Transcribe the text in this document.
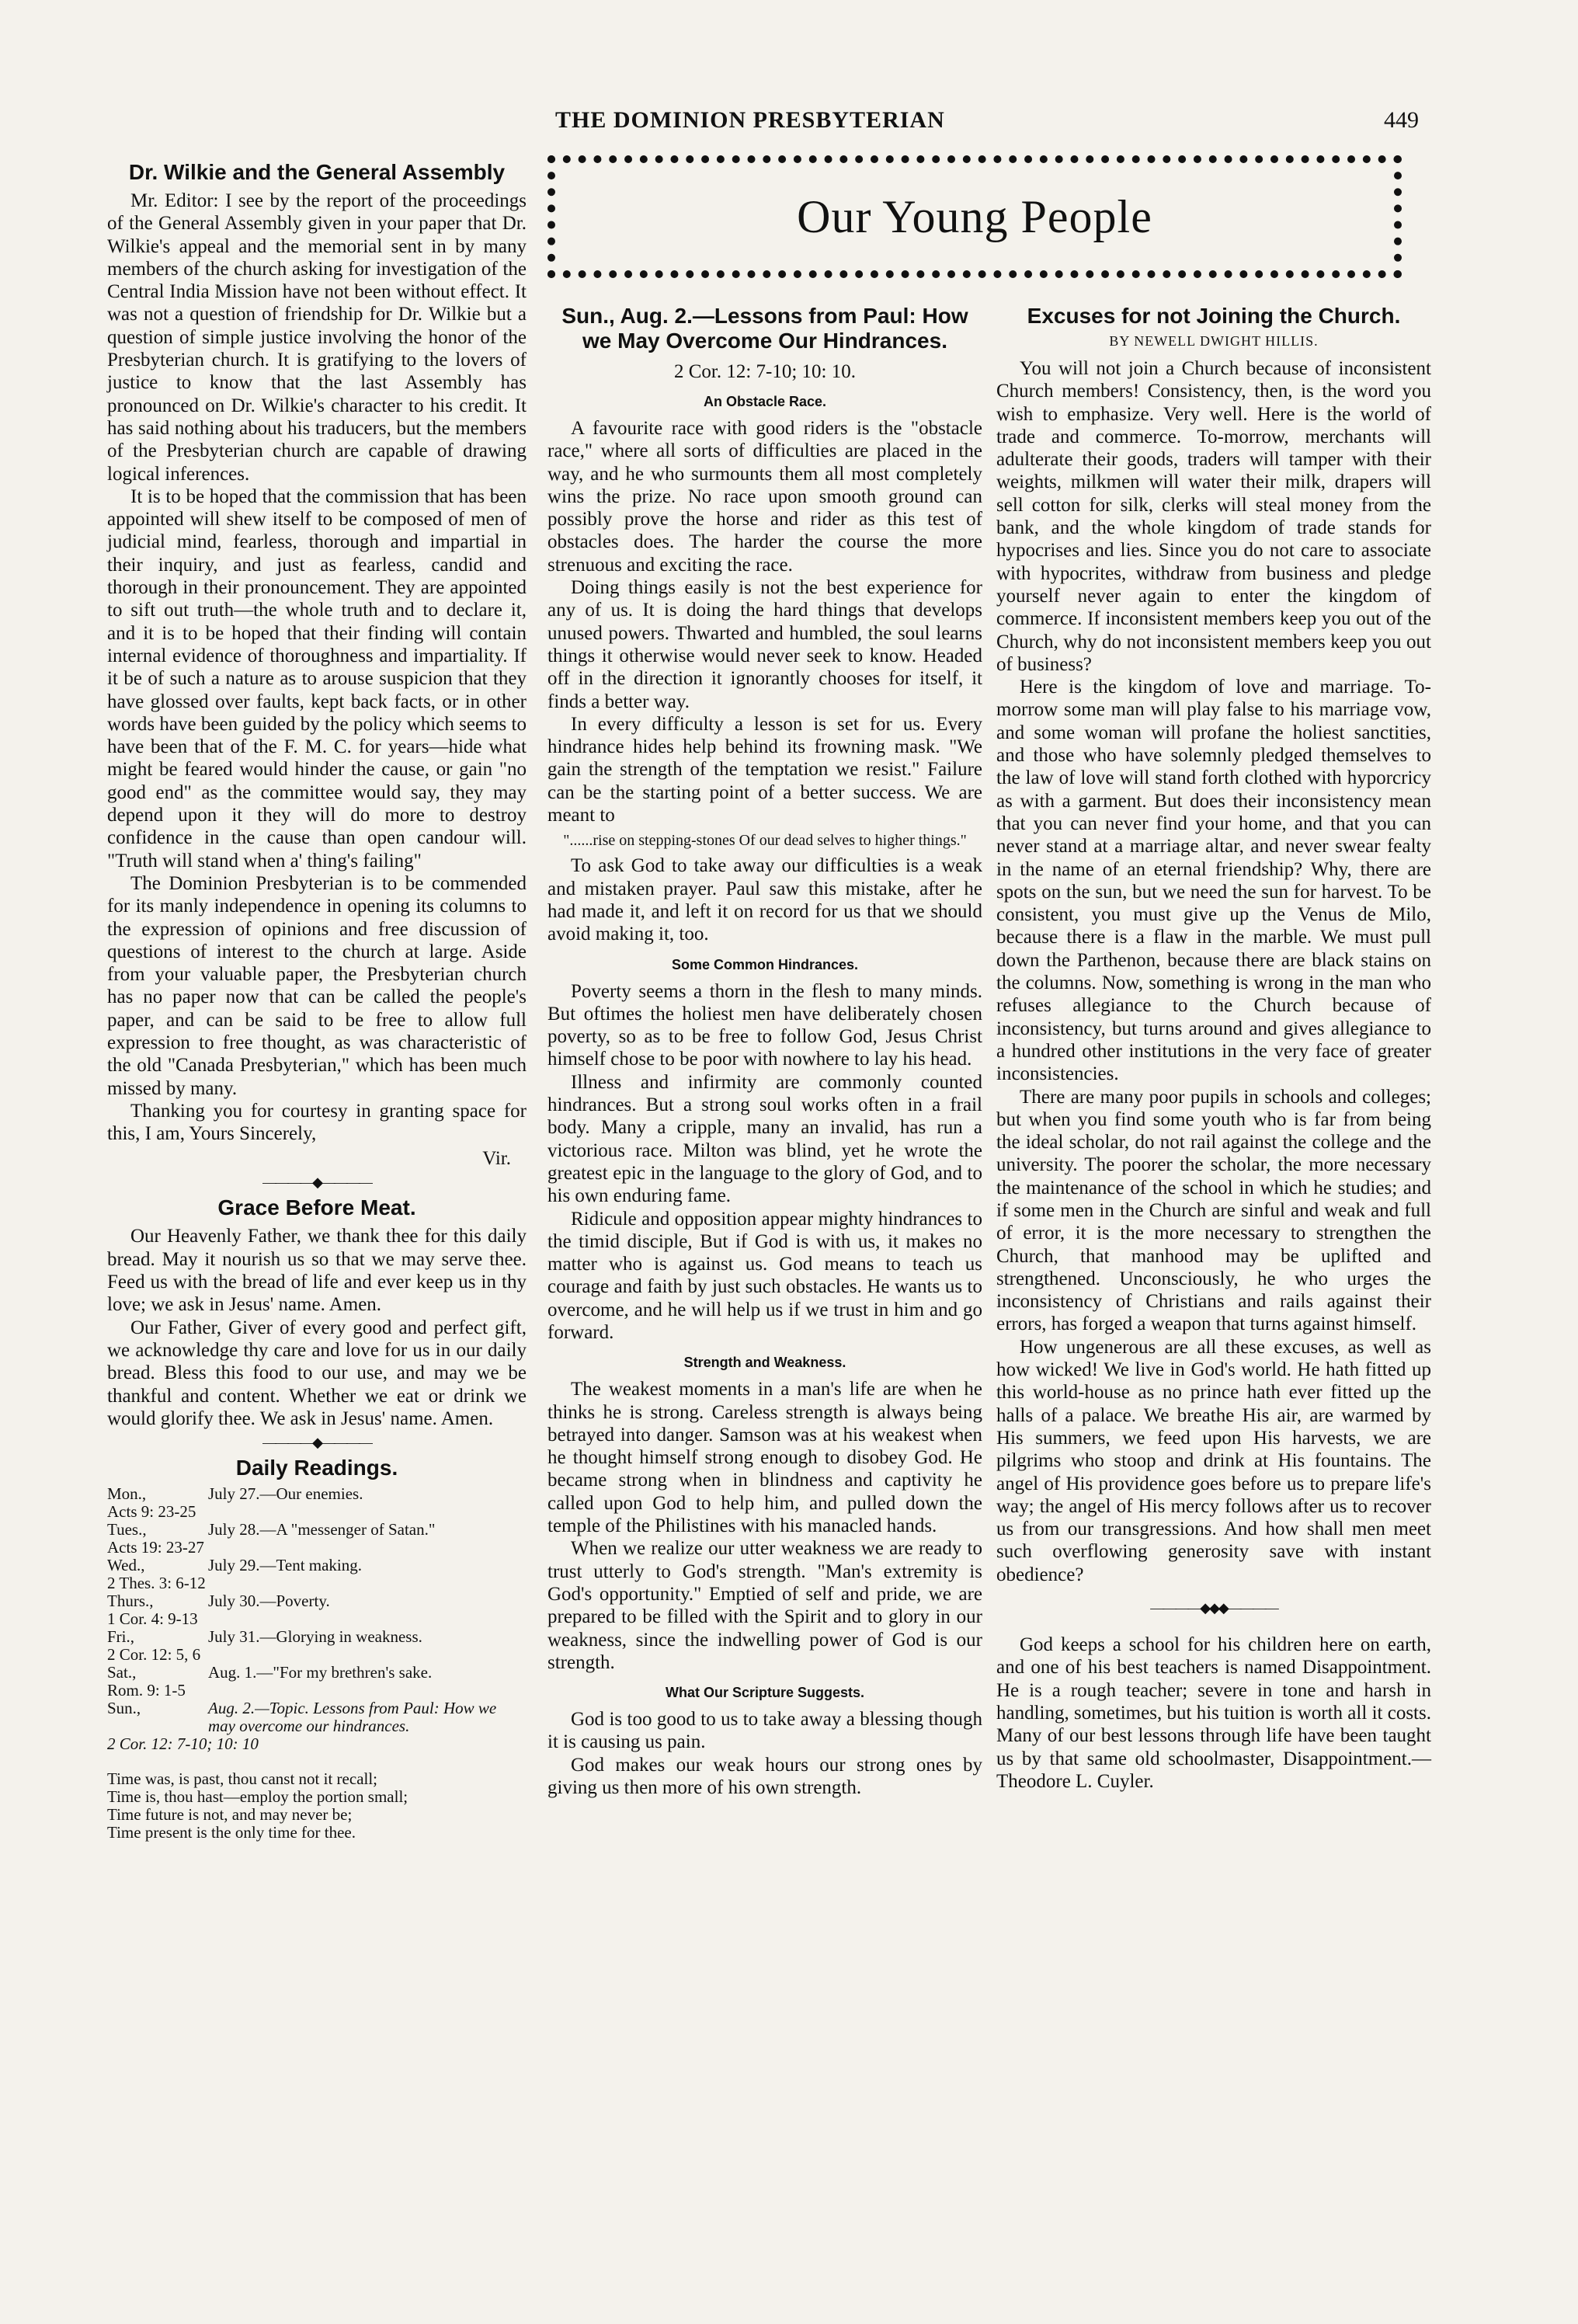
THE DOMINION PRESBYTERIAN	449
Our Young People
Dr. Wilkie and the General Assembly

Mr. Editor: I see by the report of the proceedings of the General Assembly given in your paper that Dr. Wilkie's appeal and the memorial sent in by many members of the church asking for investigation of the Central India Mission have not been without effect. It was not a question of friendship for Dr. Wilkie but a question of simple justice involving the honor of the Presbyterian church. It is gratifying to the lovers of justice to know that the last Assembly has pronounced on Dr. Wilkie's character to his credit. It has said nothing about his traducers, but the members of the Presbyterian church are capable of drawing logical inferences.

It is to be hoped that the commission that has been appointed will shew itself to be composed of men of judicial mind, fearless, thorough and impartial in their inquiry, and just as fearless, candid and thorough in their pronouncement. They are appointed to sift out truth—the whole truth and to declare it, and it is to be hoped that their finding will contain internal evidence of thoroughness and impartiality. If it be of such a nature as to arouse suspicion that they have glossed over faults, kept back facts, or in other words have been guided by the policy which seems to have been that of the F. M. C. for years—hide what might be feared would hinder the cause, or gain "no good end" as the committee would say, they may depend upon it they will do more to destroy confidence in the cause than open candour will. "Truth will stand when a' thing's failing"

The Dominion Presbyterian is to be commended for its manly independence in opening its columns to the expression of opinions and free discussion of questions of interest to the church at large. Aside from your valuable paper, the Presbyterian church has no paper now that can be called the people's paper, and can be said to be free to allow full expression to free thought, as was characteristic of the old "Canada Presbyterian," which has been much missed by many.

Thanking you for courtesy in granting space for this, I am, Yours Sincerely,

Vir.
————◆————
Grace Before Meat.

Our Heavenly Father, we thank thee for this daily bread. May it nourish us so that we may serve thee. Feed us with the bread of life and ever keep us in thy love; we ask in Jesus' name. Amen.

Our Father, Giver of every good and perfect gift, we acknowledge thy care and love for us in our daily bread. Bless this food to our use, and may we be thankful and content. Whether we eat or drink we would glorify thee. We ask in Jesus' name. Amen.

————◆————
Daily Readings.
Mon.,	July 27.—Our enemies.
Acts 9: 23-25
Tues.,	July 28.—A "messenger of Satan."
Acts 19: 23-27
Wed.,	July 29.—Tent making.
2 Thes. 3: 6-12
Thurs.,	July 30.—Poverty.
1 Cor. 4: 9-13
Fri.,	July 31.—Glorying in weakness.
2 Cor. 12: 5, 6
Sat.,	Aug. 1.—"For my brethren's sake.
Rom. 9: 1-5
Sun.,	Aug. 2.—Topic. Lessons from Paul: How we may overcome our hindrances.
2 Cor. 12: 7-10; 10: 10

Time was, is past, thou canst not it recall;

Time is, thou hast—employ the portion small;

Time future is not, and may never be;

Time present is the only time for thee.

Sun., Aug. 2.—Lessons from Paul: How we May Overcome Our Hindrances.
2 Cor. 12: 7-10; 10: 10.
An Obstacle Race.

A favourite race with good riders is the "obstacle race," where all sorts of difficulties are placed in the way, and he who surmounts them all most completely wins the prize. No race upon smooth ground can possibly prove the horse and rider as this test of obstacles does. The harder the course the more strenuous and exciting the race.

Doing things easily is not the best experience for any of us. It is doing the hard things that develops unused powers. Thwarted and humbled, the soul learns things it otherwise would never seek to know. Headed off in the direction it ignorantly chooses for itself, it finds a better way.

In every difficulty a lesson is set for us. Every hindrance hides help behind its frowning mask. "We gain the strength of the temptation we resist." Failure can be the starting point of a better success. We are meant to

"......rise on stepping-stones Of our dead selves to higher things."

To ask God to take away our difficulties is a weak and mistaken prayer. Paul saw this mistake, after he had made it, and left it on record for us that we should avoid making it, too.

Some Common Hindrances.

Poverty seems a thorn in the flesh to many minds. But oftimes the holiest men have deliberately chosen poverty, so as to be free to follow God, Jesus Christ himself chose to be poor with nowhere to lay his head.

Illness and infirmity are commonly counted hindrances. But a strong soul works often in a frail body. Many a cripple, many an invalid, has run a victorious race. Milton was blind, yet he wrote the greatest epic in the language to the glory of God, and to his own enduring fame.

Ridicule and opposition appear mighty hindrances to the timid disciple, But if God is with us, it makes no matter who is against us. God means to teach us courage and faith by just such obstacles. He wants us to overcome, and he will help us if we trust in him and go forward.

Strength and Weakness.

The weakest moments in a man's life are when he thinks he is strong. Careless strength is always being betrayed into danger. Samson was at his weakest when he thought himself strong enough to disobey God. He became strong when in blindness and captivity he called upon God to help him, and pulled down the temple of the Philistines with his manacled hands.

When we realize our utter weakness we are ready to trust utterly to God's strength. "Man's extremity is God's opportunity." Emptied of self and pride, we are prepared to be filled with the Spirit and to glory in our weakness, since the indwelling power of God is our strength.

What Our Scripture Suggests.

God is too good to us to take away a blessing though it is causing us pain.

God makes our weak hours our strong ones by giving us then more of his own strength.

Excuses for not Joining the Church.
BY NEWELL DWIGHT HILLIS.

You will not join a Church because of inconsistent Church members! Consistency, then, is the word you wish to emphasize. Very well. Here is the world of trade and commerce. To-morrow, merchants will adulterate their goods, traders will tamper with their weights, milkmen will water their milk, drapers will sell cotton for silk, clerks will steal money from the bank, and the whole kingdom of trade stands for hypocrises and lies. Since you do not care to associate with hypocrites, withdraw from business and pledge yourself never again to enter the kingdom of commerce. If inconsistent members keep you out of the Church, why do not inconsistent members keep you out of business?

Here is the kingdom of love and marriage. To-morrow some man will play false to his marriage vow, and some woman will profane the holiest sanctities, and those who have solemnly pledged themselves to the law of love will stand forth clothed with hyporcricy as with a garment. But does their inconsistency mean that you can never find your home, and that you can never stand at a marriage altar, and never swear fealty in the name of an eternal friendship? Why, there are spots on the sun, but we need the sun for harvest. To be consistent, you must give up the Venus de Milo, because there is a flaw in the marble. We must pull down the Parthenon, because there are black stains on the columns. Now, something is wrong in the man who refuses allegiance to the Church because of inconsistency, but turns around and gives allegiance to a hundred other institutions in the very face of greater inconsistencies.

There are many poor pupils in schools and colleges; but when you find some youth who is far from being the ideal scholar, do not rail against the college and the university. The poorer the scholar, the more necessary the maintenance of the school in which he studies; and if some men in the Church are sinful and weak and full of error, it is the more necessary to strengthen the Church, that manhood may be uplifted and strengthened. Unconsciously, he who urges the inconsistency of Christians and rails against their errors, has forged a weapon that turns against himself.

How ungenerous are all these excuses, as well as how wicked! We live in God's world. He hath fitted up this world-house as no prince hath ever fitted up the halls of a palace. We breathe His air, are warmed by His summers, we feed upon His harvests, we are pilgrims who stoop and drink at His fountains. The angel of His providence goes before us to prepare life's way; the angel of His mercy follows after us to recover us from our transgressions. And how shall men meet such overflowing generosity save with instant obedience?

————◆◆◆————

God keeps a school for his children here on earth, and one of his best teachers is named Disappointment. He is a rough teacher; severe in tone and harsh in handling, sometimes, but his tuition is worth all it costs. Many of our best lessons through life have been taught us by that same old schoolmaster, Disappointment.—Theodore L. Cuyler.
